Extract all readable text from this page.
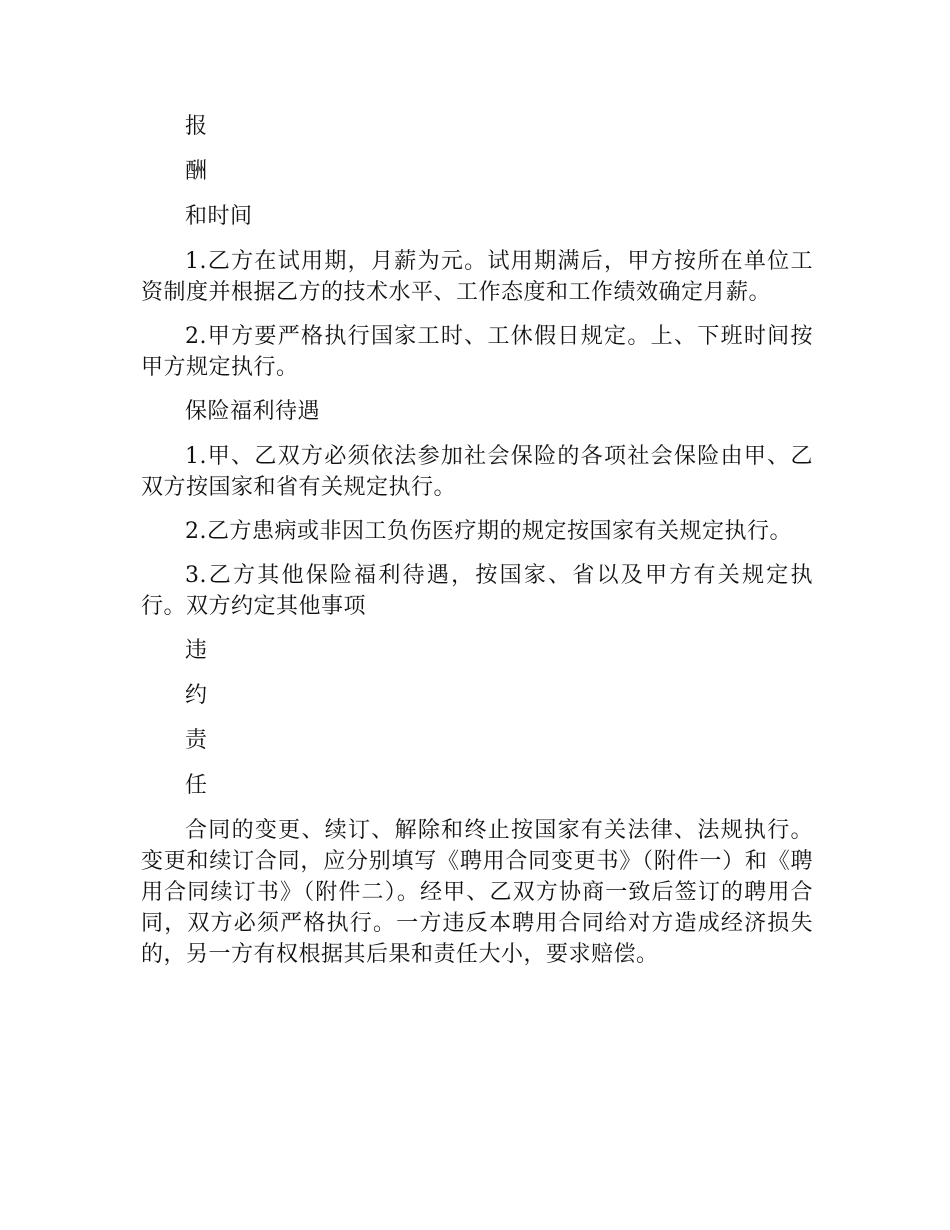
报

酬

和时间

1.乙方在试用期，月薪为元。试用期满后，甲方按所在单位工资制度并根据乙方的技术水平、工作态度和工作绩效确定月薪。

2.甲方要严格执行国家工时、工休假日规定。上、下班时间按甲方规定执行。

保险福利待遇

1.甲、乙双方必须依法参加社会保险的各项社会保险由甲、乙双方按国家和省有关规定执行。

2.乙方患病或非因工负伤医疗期的规定按国家有关规定执行。

3.乙方其他保险福利待遇，按国家、省以及甲方有关规定执行。双方约定其他事项

违

约

责

任

合同的变更、续订、解除和终止按国家有关法律、法规执行。变更和续订合同，应分别填写《聘用合同变更书》（附件一）和《聘用合同续订书》（附件二）。经甲、乙双方协商一致后签订的聘用合同，双方必须严格执行。一方违反本聘用合同给对方造成经济损失的，另一方有权根据其后果和责任大小，要求赔偿。
